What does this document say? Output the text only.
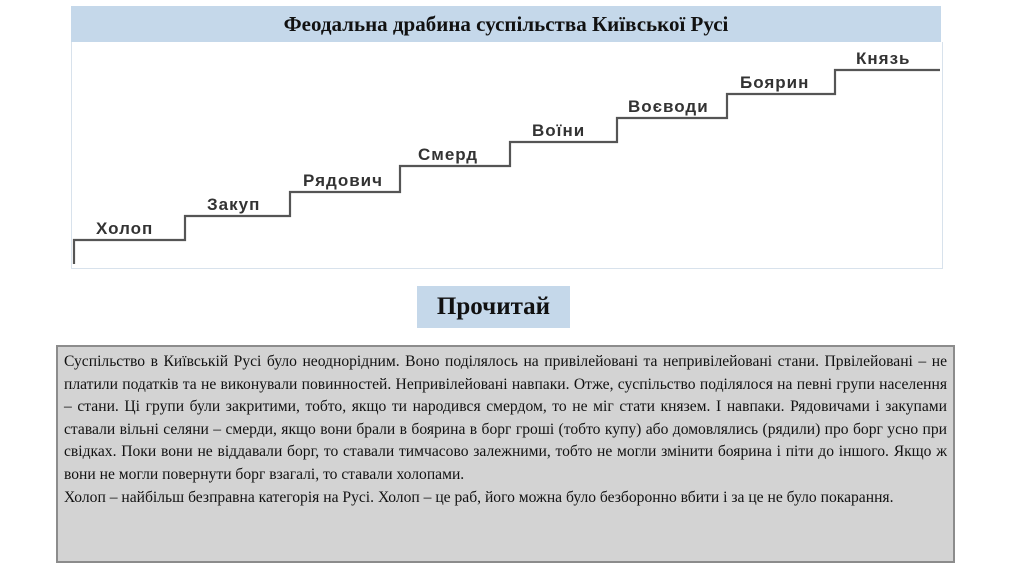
Феодальна драбина суспільства Київської Русі
Холоп
Закуп
Рядович
Смерд
Воїни
Воєводи
Боярин
Князь
Прочитай

Суспільство в Київській Русі було неоднорідним. Воно поділялось на привілейовані та непривілейовані стани. Првілейовані – не платили податків та не виконували повинностей. Непривілейовані навпаки. Отже, суспільство поділялося на певні групи населення – стани. Ці групи були закритими, тобто, якщо ти народився смердом, то не міг стати князем. І навпаки. Рядовичами і закупами ставали вільні селяни – смерди, якщо вони брали в боярина в борг гроші (тобто купу) або домовлялись (рядили) про борг усно при свідках. Поки вони не віддавали борг, то ставали тимчасово залежними, тобто не могли змінити боярина і піти до іншого. Якщо ж вони не могли повернути борг взагалі, то ставали холопами.

Холоп – найбільш безправна категорія на Русі. Холоп – це раб, його можна було безборонно вбити і за це не було покарання.
